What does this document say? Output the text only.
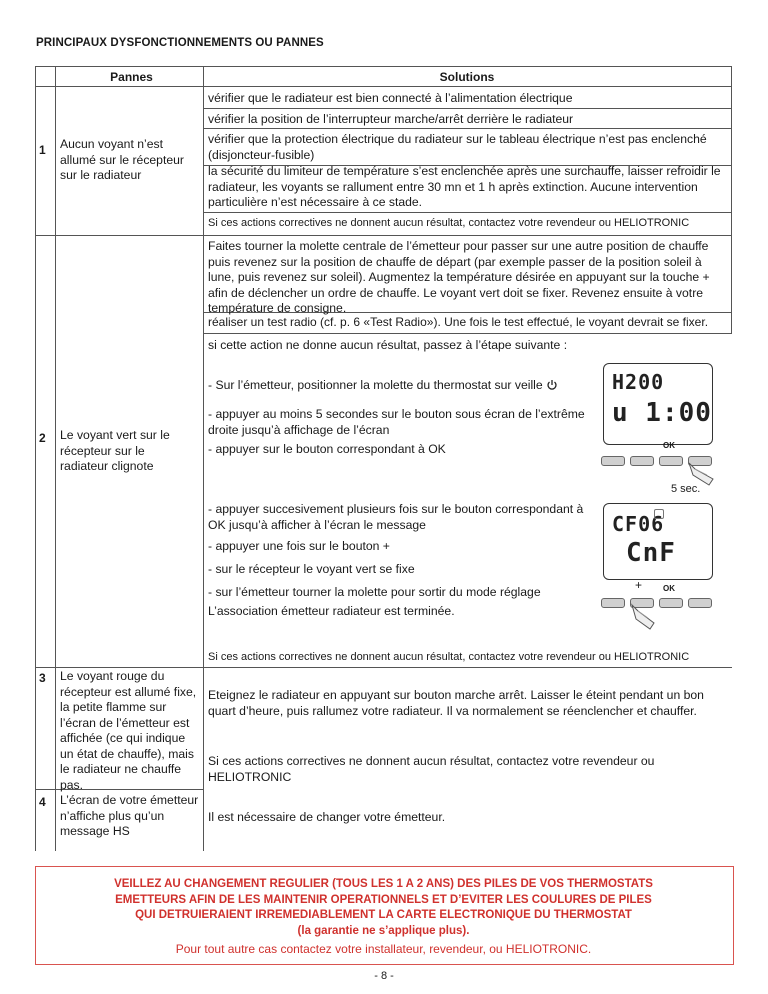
PRINCIPAUX DYSFONCTIONNEMENTS OU PANNES
Pannes	Solutions
1 Aucun voyant n’est allumé sur le récepteur sur le radiateur
vérifier que le radiateur est bien connecté à l’alimentation électrique
vérifier la position de l’interrupteur marche/arrêt derrière le radiateur
vérifier que la protection électrique du radiateur sur le tableau électrique n’est pas enclenché (disjoncteur-fusible)
la sécurité du limiteur de température s’est enclenchée après une surchauffe, laisser refroidir le radiateur, les voyants se rallument entre 30 mn et 1 h après extinction. Aucune intervention particulière n’est nécessaire à ce stade.
Si ces actions correctives ne donnent aucun résultat, contactez votre revendeur ou HELIOTRONIC
2 Le voyant vert sur le récepteur sur le radiateur clignote
Faites tourner la molette centrale de l’émetteur pour passer sur une autre position de chauffe puis revenez sur la position de chauffe de départ (par exemple passer de la position soleil à lune, puis revenez sur soleil). Augmentez la température désirée en appuyant sur la touche + afin de déclencher un ordre de chauffe. Le voyant vert doit se fixer. Revenez ensuite à votre température de consigne.
réaliser un test radio (cf. p. 6 «Test Radio»). Une fois le test effectué, le voyant devrait se fixer.
si cette action ne donne aucun résultat, passez à l’étape suivante :
- Sur l’émetteur, positionner la molette du thermostat sur veille
- appuyer au moins 5 secondes sur le bouton sous écran de l’extrême droite jusqu’à affichage de l’écran
- appuyer sur le bouton correspondant à OK
H200
u 1:00
OK
5 sec.
- appuyer succesivement plusieurs fois sur le bouton correspondant à OK jusqu’à afficher à l’écran le message
- appuyer une fois sur le bouton +
- sur le récepteur le voyant vert se fixe
- sur l’émetteur tourner la molette pour sortir du mode réglage
L’association émetteur radiateur est terminée.
CF06
CnF
+	OK
Si ces actions correctives ne donnent aucun résultat, contactez votre revendeur ou HELIOTRONIC
3 Le voyant rouge du récepteur est allumé fixe, la petite flamme sur l’écran de l’émetteur est affichée (ce qui indique un état de chauffe), mais le radiateur ne chauffe pas.
Eteignez le radiateur en appuyant sur bouton marche arrêt. Laisser le éteint pendant un bon quart d’heure, puis rallumez votre radiateur. Il va normalement se réenclencher et chauffer.
Si ces actions correctives ne donnent aucun résultat, contactez votre revendeur ou HELIOTRONIC
4 L’écran de votre émetteur n’affiche plus qu’un message HS
Il est nécessaire de changer votre émetteur.
VEILLEZ AU CHANGEMENT REGULIER (TOUS LES 1 A 2 ANS) DES PILES DE VOS THERMOSTATS
EMETTEURS AFIN DE LES MAINTENIR OPERATIONNELS ET D’EVITER LES COULURES DE PILES
QUI DETRUIERAIENT IRREMEDIABLEMENT LA CARTE ELECTRONIQUE DU THERMOSTAT
(la garantie ne s’applique plus).
Pour tout autre cas contactez votre installateur, revendeur, ou HELIOTRONIC.
- 8 -
